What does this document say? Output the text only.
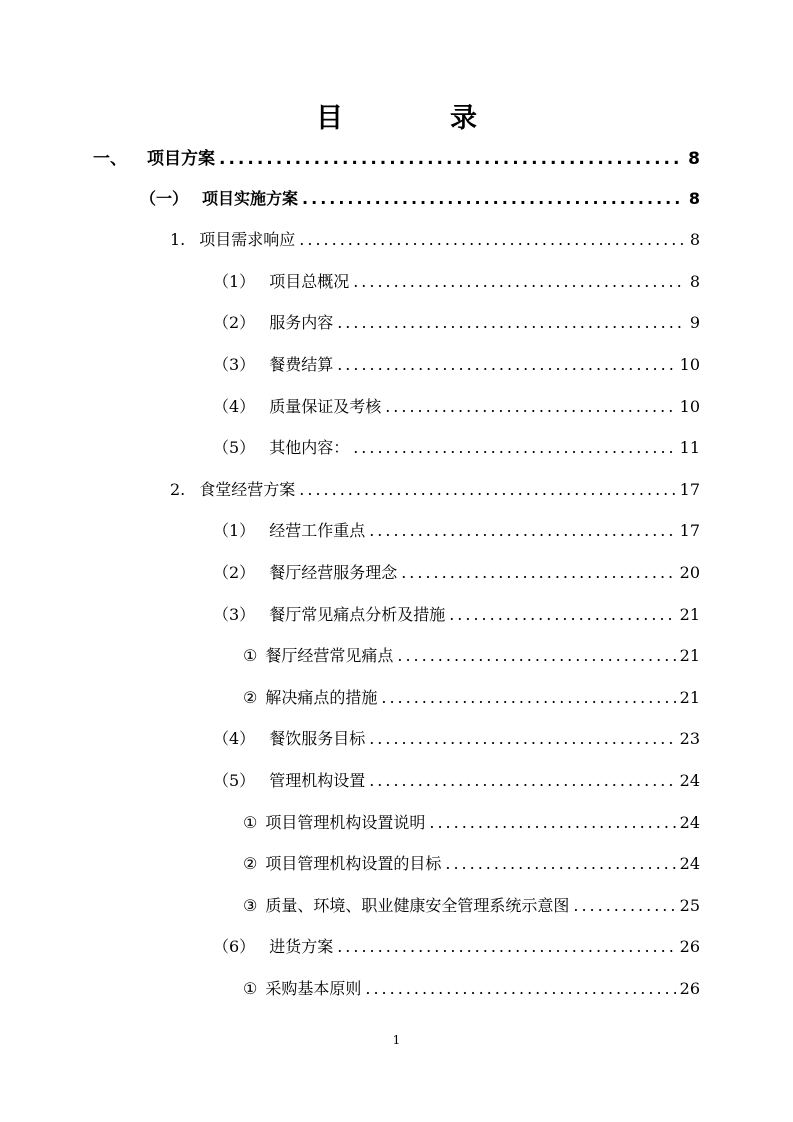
目　录
一、 项目方案 .....	8
（一） 项目实施方案 .....	8
1. 项目需求响应 .....	8
（1） 项目总概况 .....	8
（2） 服务内容 .....	9
（3） 餐费结算 .....	10
（4） 质量保证及考核 .....	10
（5） 其他内容： .....	11
2. 食堂经营方案 .....	17
（1） 经营工作重点 .....	17
（2） 餐厅经营服务理念 .....	20
（3） 餐厅常见痛点分析及措施 .....	21
① 餐厅经营常见痛点 .....	21
② 解决痛点的措施 .....	21
（4） 餐饮服务目标 .....	23
（5） 管理机构设置 .....	24
① 项目管理机构设置说明 .....	24
② 项目管理机构设置的目标 .....	24
③ 质量、环境、职业健康安全管理系统示意图 .....	25
（6） 进货方案 .....	26
① 采购基本原则 .....	26
1
